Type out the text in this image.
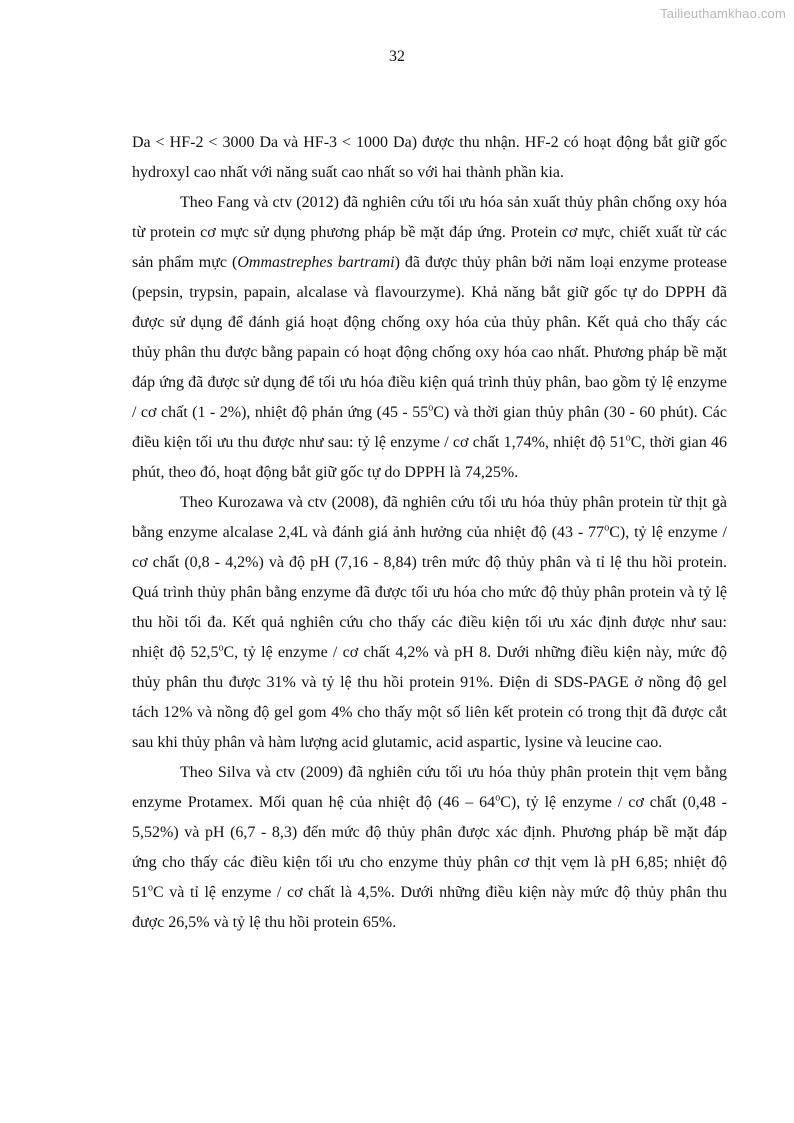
Tailieuthamkhao.com
32

Da < HF-2 < 3000 Da và HF-3 < 1000 Da) được thu nhận. HF-2 có hoạt động bắt giữ gốc hydroxyl cao nhất với năng suất cao nhất so với hai thành phần kia.

Theo Fang và ctv (2012) đã nghiên cứu tối ưu hóa sản xuất thủy phân chống oxy hóa từ protein cơ mực sử dụng phương pháp bề mặt đáp ứng. Protein cơ mực, chiết xuất từ các sản phẩm mực (Ommastrephes bartrami) đã được thủy phân bởi năm loại enzyme protease (pepsin, trypsin, papain, alcalase và flavourzyme). Khả năng bắt giữ gốc tự do DPPH đã được sử dụng để đánh giá hoạt động chống oxy hóa của thủy phân. Kết quả cho thấy các thủy phân thu được bằng papain có hoạt động chống oxy hóa cao nhất. Phương pháp bề mặt đáp ứng đã được sử dụng để tối ưu hóa điều kiện quá trình thủy phân, bao gồm tỷ lệ enzyme / cơ chất (1 - 2%), nhiệt độ phản ứng (45 - 55$^o$C) và thời gian thủy phân (30 - 60 phút). Các điều kiện tối ưu thu được như sau: tỷ lệ enzyme / cơ chất 1,74%, nhiệt độ 51$^o$C, thời gian 46 phút, theo đó, hoạt động bắt giữ gốc tự do DPPH là 74,25%.

Theo Kurozawa và ctv (2008), đã nghiên cứu tối ưu hóa thủy phân protein từ thịt gà bằng enzyme alcalase 2,4L và đánh giá ảnh hưởng của nhiệt độ (43 - 77$^o$C), tỷ lệ enzyme / cơ chất (0,8 - 4,2%) và độ pH (7,16 - 8,84) trên mức độ thủy phân và tỉ lệ thu hồi protein. Quá trình thủy phân bằng enzyme đã được tối ưu hóa cho mức độ thủy phân protein và tỷ lệ thu hồi tối đa. Kết quả nghiên cứu cho thấy các điều kiện tối ưu xác định được như sau: nhiệt độ 52,5$^o$C, tỷ lệ enzyme / cơ chất 4,2% và pH 8. Dưới những điều kiện này, mức độ thủy phân thu được 31% và tỷ lệ thu hồi protein 91%. Điện di SDS-PAGE ở nồng độ gel tách 12% và nồng độ gel gom 4% cho thấy một số liên kết protein có trong thịt đã được cắt sau khi thủy phân và hàm lượng acid glutamic, acid aspartic, lysine và leucine cao.

Theo Silva và ctv (2009) đã nghiên cứu tối ưu hóa thủy phân protein thịt vẹm bằng enzyme Protamex. Mối quan hệ của nhiệt độ (46 – 64$^o$C), tỷ lệ enzyme / cơ chất (0,48 - 5,52%) và pH (6,7 - 8,3) đến mức độ thủy phân được xác định. Phương pháp bề mặt đáp ứng cho thấy các điều kiện tối ưu cho enzyme thủy phân cơ thịt vẹm là pH 6,85; nhiệt độ 51$^o$C và tỉ lệ enzyme / cơ chất là 4,5%. Dưới những điều kiện này mức độ thủy phân thu được 26,5% và tỷ lệ thu hồi protein 65%.
